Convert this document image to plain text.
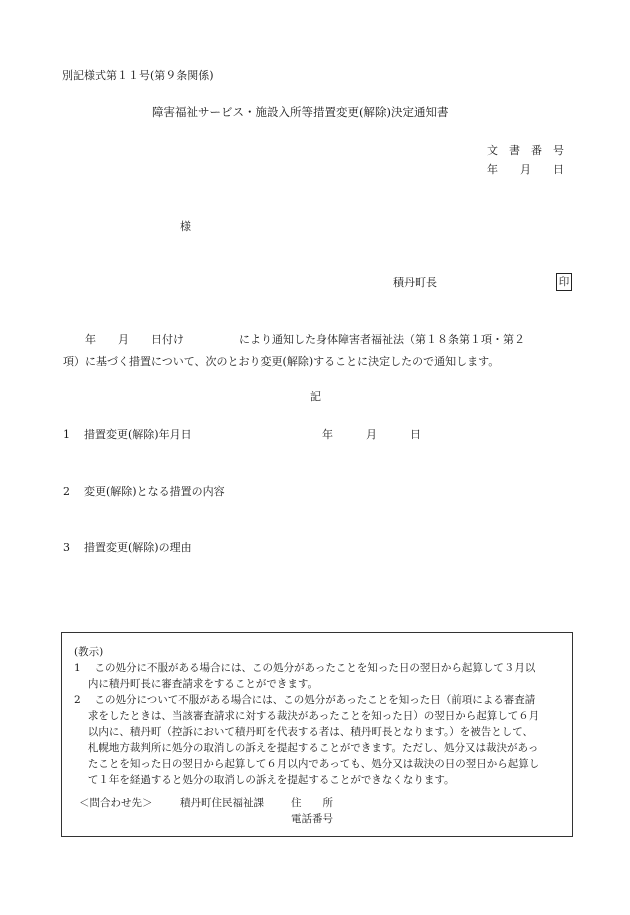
別記様式第１１号(第９条関係)
障害福祉サービス・施設入所等措置変更(解除)決定通知書
文　書　番　号
年　　月　　日
様
積丹町長	印
　　年　　月　　日付け　　　　　により通知した身体障害者福祉法（第１８条第１項・第２
項）に基づく措置について、次のとおり変更(解除)することに決定したので通知します。
記
1 措置変更(解除)年月日	年　　　月　　　日
2 変更(解除)となる措置の内容
3 措置変更(解除)の理由
(教示)
1　 この処分に不服がある場合には、この処分があったことを知った日の翌日から起算して３月以
　 内に積丹町長に審査請求をすることができます。
2　 この処分について不服がある場合には、この処分があったことを知った日（前項による審査請
　 求をしたときは、当該審査請求に対する裁決があったことを知った日）の翌日から起算して６月
　 以内に、積丹町（控訴において積丹町を代表する者は、積丹町長となります。）を被告として、
　 札幌地方裁判所に処分の取消しの訴えを提起することができます。ただし、処分又は裁決があっ
　 たことを知った日の翌日から起算して６月以内であっても、処分又は裁決の日の翌日から起算し
　 て１年を経過すると処分の取消しの訴えを提起することができなくなります。
＜問合わせ先＞	積丹町住民福祉課	住　　所
電話番号
